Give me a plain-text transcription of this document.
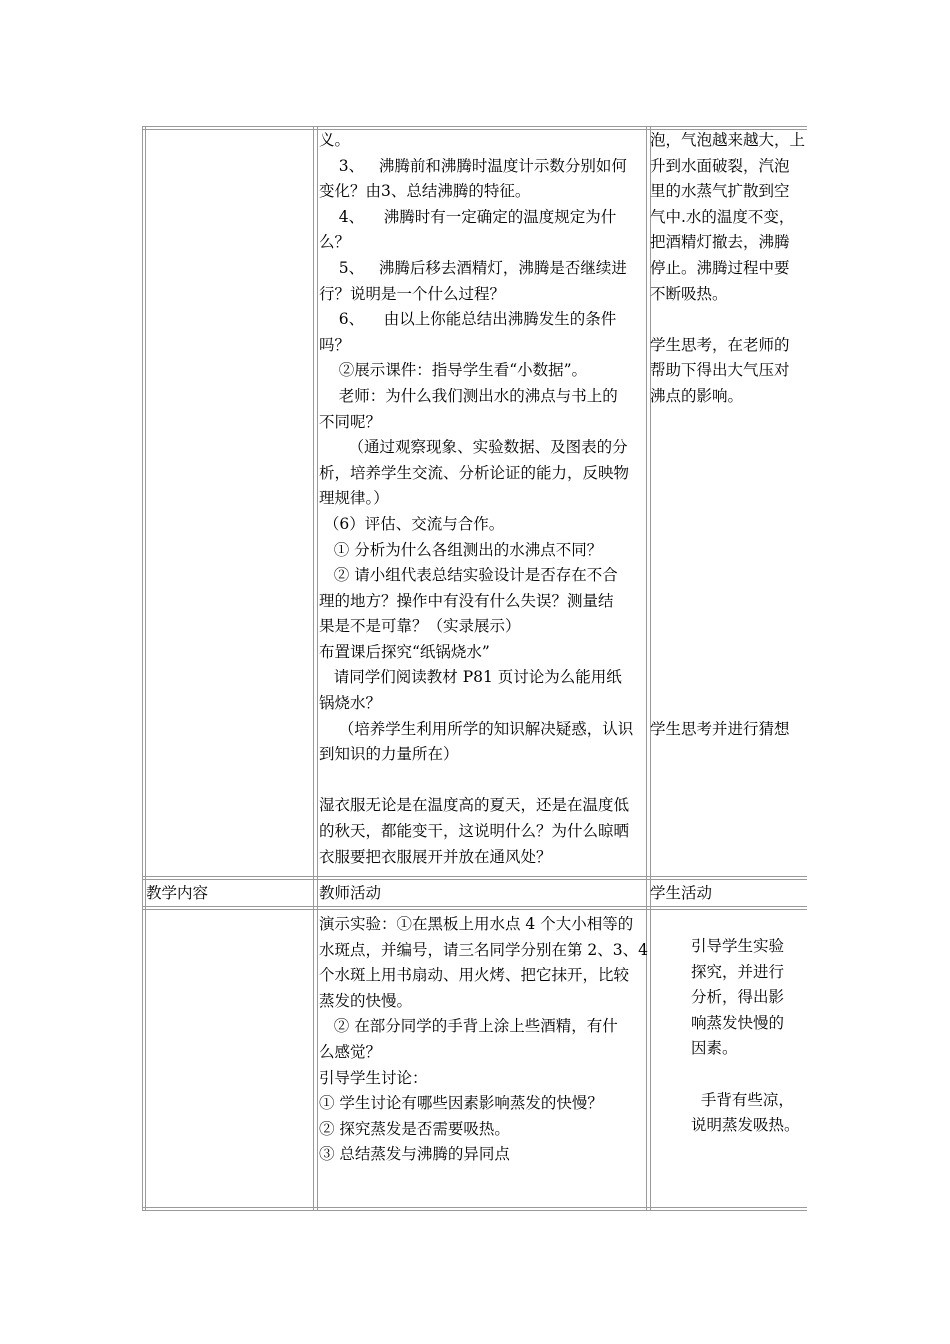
义。
3、   沸腾前和沸腾时温度计示数分别如何
变化？由3、总结沸腾的特征。
4、    沸腾时有一定确定的温度规定为什
么？
5、   沸腾后移去酒精灯，沸腾是否继续进
行？说明是一个什么过程？
6、    由以上你能总结出沸腾发生的条件
吗？
②展示课件：指导学生看“小数据”。
老师：为什么我们测出水的沸点与书上的
不同呢？
（通过观察现象、实验数据、及图表的分
析，培养学生交流、分析论证的能力，反映物
理规律。）
（6）评估、交流与合作。
① 分析为什么各组测出的水沸点不同？
② 请小组代表总结实验设计是否存在不合
理的地方？操作中有没有什么失误？测量结
果是不是可靠？（实录展示）
布置课后探究“纸锅烧水”
请同学们阅读教材 P81 页讨论为么能用纸
锅烧水？
（培养学生利用所学的知识解决疑惑，认识
到知识的力量所在）
湿衣服无论是在温度高的夏天，还是在温度低
的秋天，都能变干，这说明什么？为什么晾晒
衣服要把衣服展开并放在通风处？
泡，气泡越来越大，上
升到水面破裂，汽泡
里的水蒸气扩散到空
气中.水的温度不变，
把酒精灯撤去，沸腾
停止。沸腾过程中要
不断吸热。
学生思考，在老师的
帮助下得出大气压对
沸点的影响。
学生思考并进行猜想
教学内容	教师活动	学生活动
演示实验：①在黑板上用水点 4 个大小相等的
水斑点，并编号，请三名同学分别在第 2、3、4
个水斑上用书扇动、用火烤、把它抹开，比较
蒸发的快慢。
② 在部分同学的手背上涂上些酒精，有什
么感觉？
引导学生讨论：
① 学生讨论有哪些因素影响蒸发的快慢？
② 探究蒸发是否需要吸热。
③ 总结蒸发与沸腾的异同点
引导学生实验
探究，并进行
分析，得出影
响蒸发快慢的
因素。
手背有些凉，
说明蒸发吸热。
